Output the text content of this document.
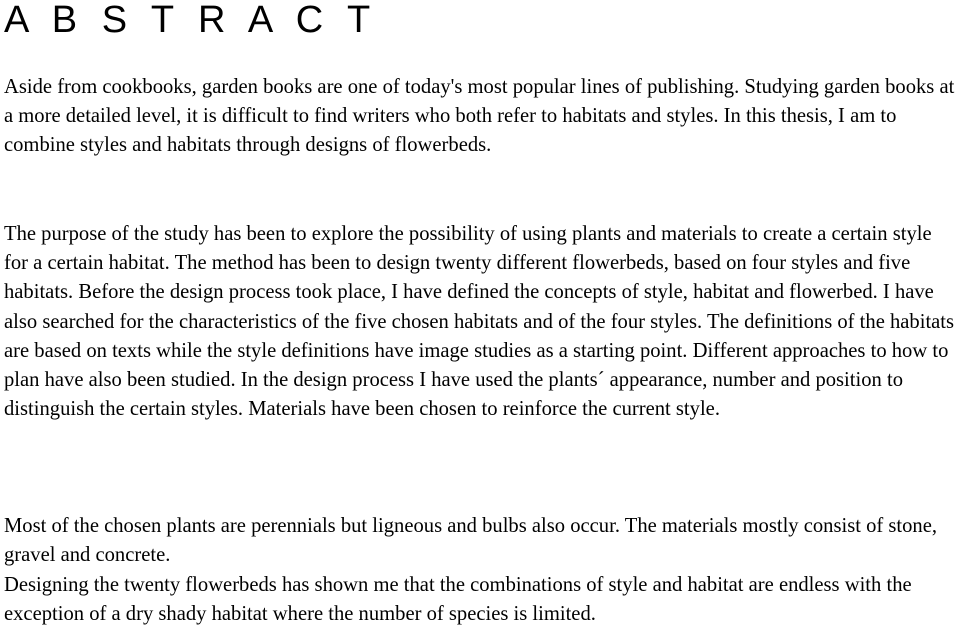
A B S T R A C T

Aside from cookbooks, garden books are one of today's most popular lines of publishing. Studying garden books at a more detailed level, it is difficult to find writers who both refer to habitats and styles. In this thesis, I am to combine styles and habitats through designs of flowerbeds.

The purpose of the study has been to explore the possibility of using plants and materials to create a certain style for a certain habitat. The method has been to design twenty different flowerbeds, based on four styles and five habitats. Before the design process took place, I have defined the concepts of style, habitat and flowerbed. I have also searched for the characteristics of the five chosen habitats and of the four styles. The definitions of the habitats are based on texts while the style definitions have image studies as a starting point. Different approaches to how to plan have also been studied. In the design process I have used the plants´ appearance, number and position to distinguish the certain styles. Materials have been chosen to reinforce the current style.

Most of the chosen plants are perennials but ligneous and bulbs also occur. The materials mostly consist of stone, gravel and concrete.

Designing the twenty flowerbeds has shown me that the combinations of style and habitat are endless with the exception of a dry shady habitat where the number of species is limited.
